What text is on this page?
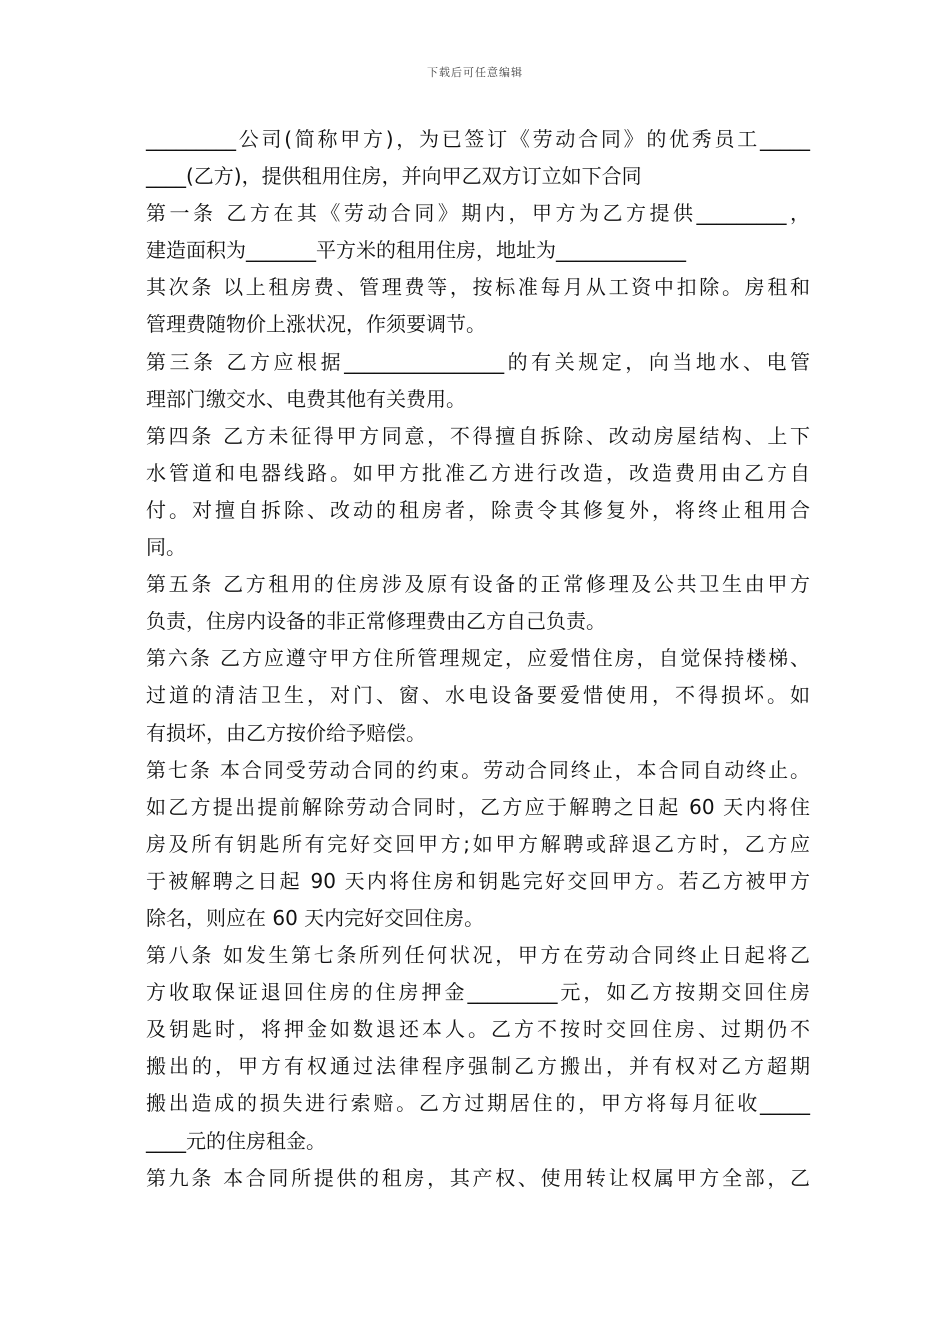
下载后可任意编辑
_________公司(简称甲方)，为已签订《劳动合同》的优秀员工_____
____(乙方)，提供租用住房，并向甲乙双方订立如下合同
第一条 乙方在其《劳动合同》期内，甲方为乙方提供_________，
建造面积为_______平方米的租用住房，地址为_____________
其次条 以上租房费、管理费等，按标准每月从工资中扣除。房租和
管理费随物价上涨状况，作须要调节。
第三条 乙方应根据________________的有关规定，向当地水、电管
理部门缴交水、电费其他有关费用。
第四条 乙方未征得甲方同意，不得擅自拆除、改动房屋结构、上下
水管道和电器线路。如甲方批准乙方进行改造，改造费用由乙方自
付。对擅自拆除、改动的租房者，除责令其修复外，将终止租用合
同。
第五条 乙方租用的住房涉及原有设备的正常修理及公共卫生由甲方
负责，住房内设备的非正常修理费由乙方自己负责。
第六条 乙方应遵守甲方住所管理规定，应爱惜住房，自觉保持楼梯、
过道的清洁卫生，对门、窗、水电设备要爱惜使用，不得损坏。如
有损坏，由乙方按价给予赔偿。
第七条 本合同受劳动合同的约束。劳动合同终止，本合同自动终止。
如乙方提出提前解除劳动合同时，乙方应于解聘之日起 60 天内将住
房及所有钥匙所有完好交回甲方;如甲方解聘或辞退乙方时，乙方应
于被解聘之日起 90 天内将住房和钥匙完好交回甲方。若乙方被甲方
除名，则应在 60 天内完好交回住房。
第八条 如发生第七条所列任何状况，甲方在劳动合同终止日起将乙
方收取保证退回住房的住房押金_________元，如乙方按期交回住房
及钥匙时，将押金如数退还本人。乙方不按时交回住房、过期仍不
搬出的，甲方有权通过法律程序强制乙方搬出，并有权对乙方超期
搬出造成的损失进行索赔。乙方过期居住的，甲方将每月征收_____
____元的住房租金。
第九条 本合同所提供的租房，其产权、使用转让权属甲方全部，乙
